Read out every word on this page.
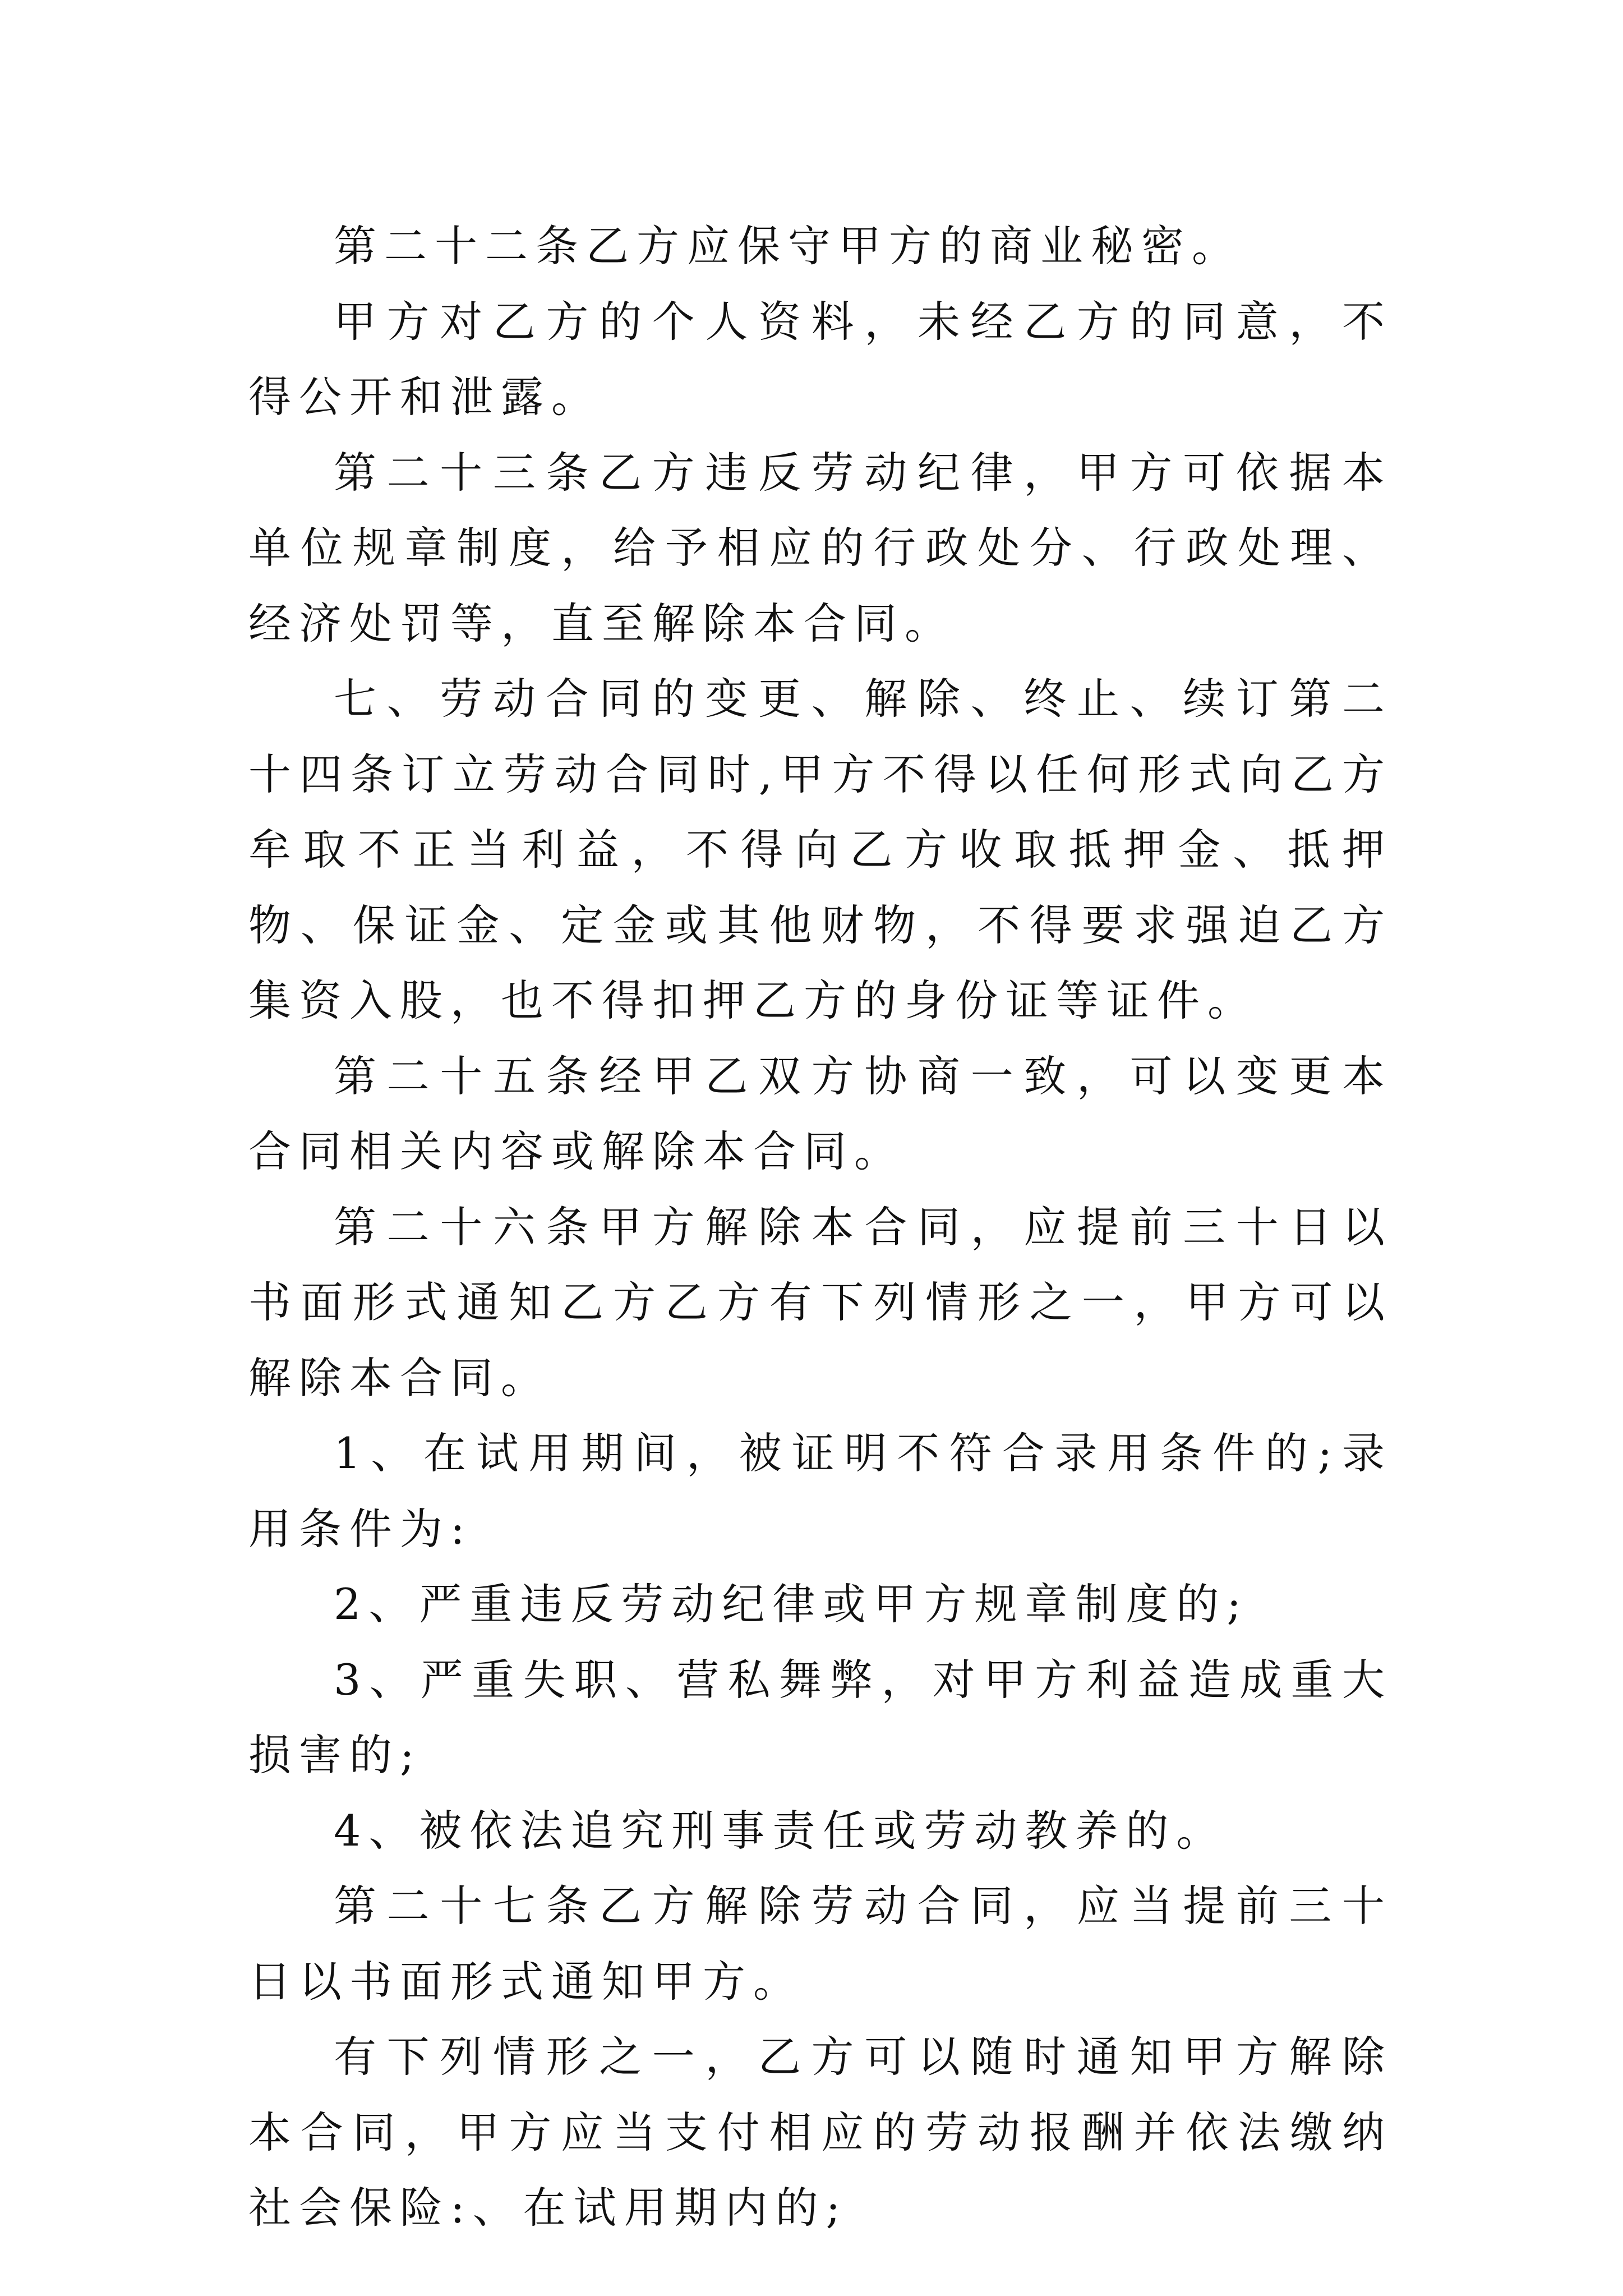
第二十二条乙方应保守甲方的商业秘密。

甲方对乙方的个人资料，未经乙方的同意，不得公开和泄露。

第二十三条乙方违反劳动纪律，甲方可依据本单位规章制度，给予相应的行政处分、行政处理、经济处罚等，直至解除本合同。

七、劳动合同的变更、解除、终止、续订第二十四条订立劳动合同时,甲方不得以任何形式向乙方牟取不正当利益，不得向乙方收取抵押金、抵押物、保证金、定金或其他财物，不得要求强迫乙方集资入股，也不得扣押乙方的身份证等证件。

第二十五条经甲乙双方协商一致，可以变更本合同相关内容或解除本合同。

第二十六条甲方解除本合同，应提前三十日以书面形式通知乙方乙方有下列情形之一，甲方可以解除本合同。

1、在试用期间，被证明不符合录用条件的;录用条件为:

2、严重违反劳动纪律或甲方规章制度的;

3、严重失职、营私舞弊，对甲方利益造成重大损害的;

4、被依法追究刑事责任或劳动教养的。

第二十七条乙方解除劳动合同，应当提前三十日以书面形式通知甲方。

有下列情形之一，乙方可以随时通知甲方解除本合同，甲方应当支付相应的劳动报酬并依法缴纳社会保险:、在试用期内的;
